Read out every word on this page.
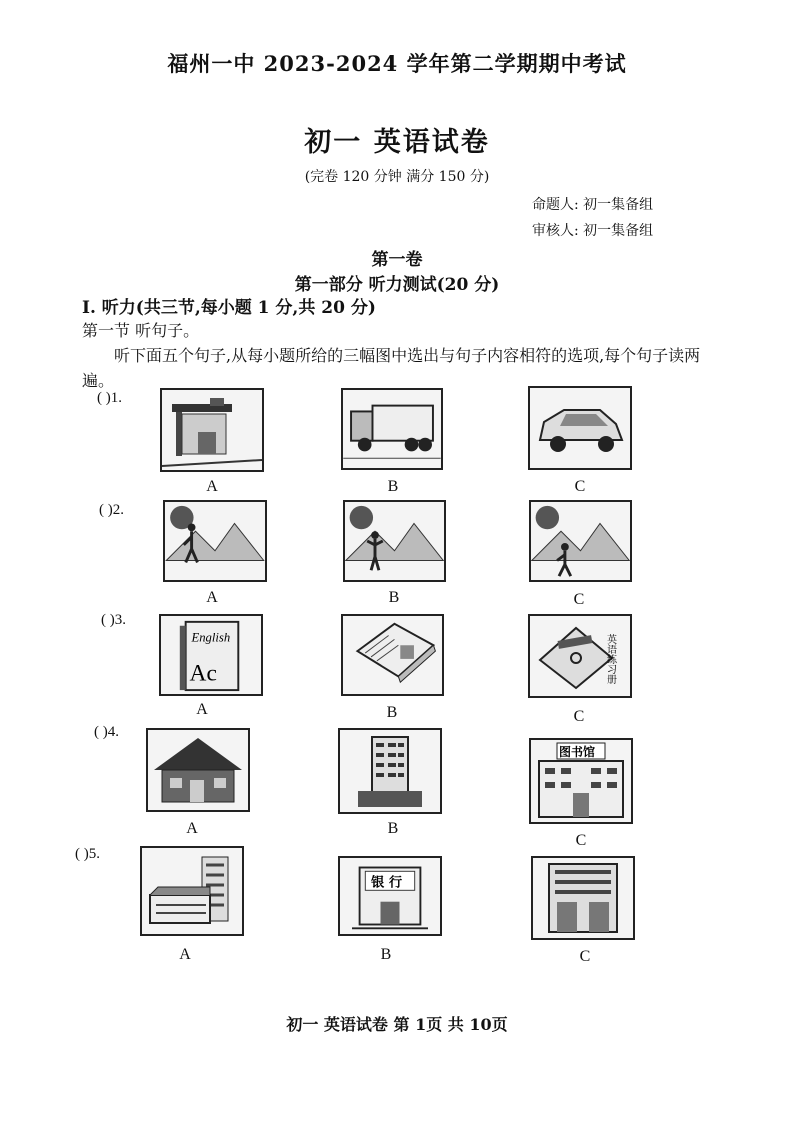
福州一中 2023-2024 学年第二学期期中考试
初一 英语试卷
(完卷 120 分钟 满分 150 分)
命题人: 初一集备组
审核人: 初一集备组
第一卷
第一部分 听力测试(20 分)
I. 听力(共三节,每小题 1 分,共 20 分)
第一节 听句子。
听下面五个句子,从每小题所给的三幅图中选出与句子内容相符的选项,每个句子读两遍。
( )1.
A	B	C
( )2.
A	B	C
( )3.
English
Ac
A	B
英语练习册
C
( )4.
A	B
图书馆
C
( )5.
A
银 行
B	C
初一 英语试卷 第 1页 共 10页
